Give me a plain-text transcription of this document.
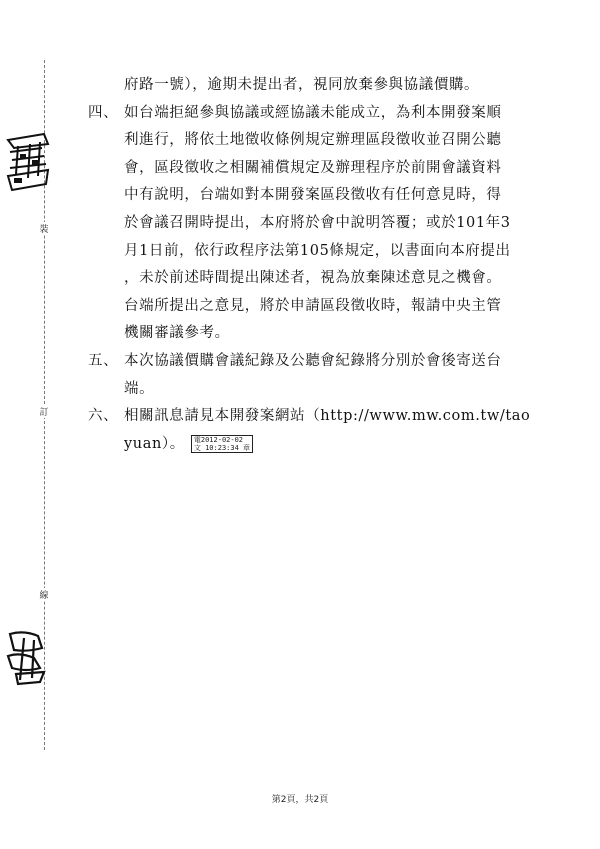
裝
訂
線
府路一號），逾期未提出者，視同放棄參與協議價購。
四、 如台端拒絕參與協議或經協議未能成立，為利本開發案順
利進行，將依土地徵收條例規定辦理區段徵收並召開公聽
會，區段徵收之相關補償規定及辦理程序於前開會議資料
中有說明，台端如對本開發案區段徵收有任何意見時，得
於會議召開時提出，本府將於會中說明答覆；或於101年3
月1日前，依行政程序法第105條規定，以書面向本府提出
，未於前述時間提出陳述者，視為放棄陳述意見之機會。
台端所提出之意見，將於申請區段徵收時，報請中央主管
機關審議參考。
五、 本次協議價購會議紀錄及公聽會紀錄將分別於會後寄送台
端。
六、 相關訊息請見本開發案網站（http://www.mw.com.tw/tao
yuan）。 電2012-02-02
文 10:23:34 章
第2頁，共2頁
